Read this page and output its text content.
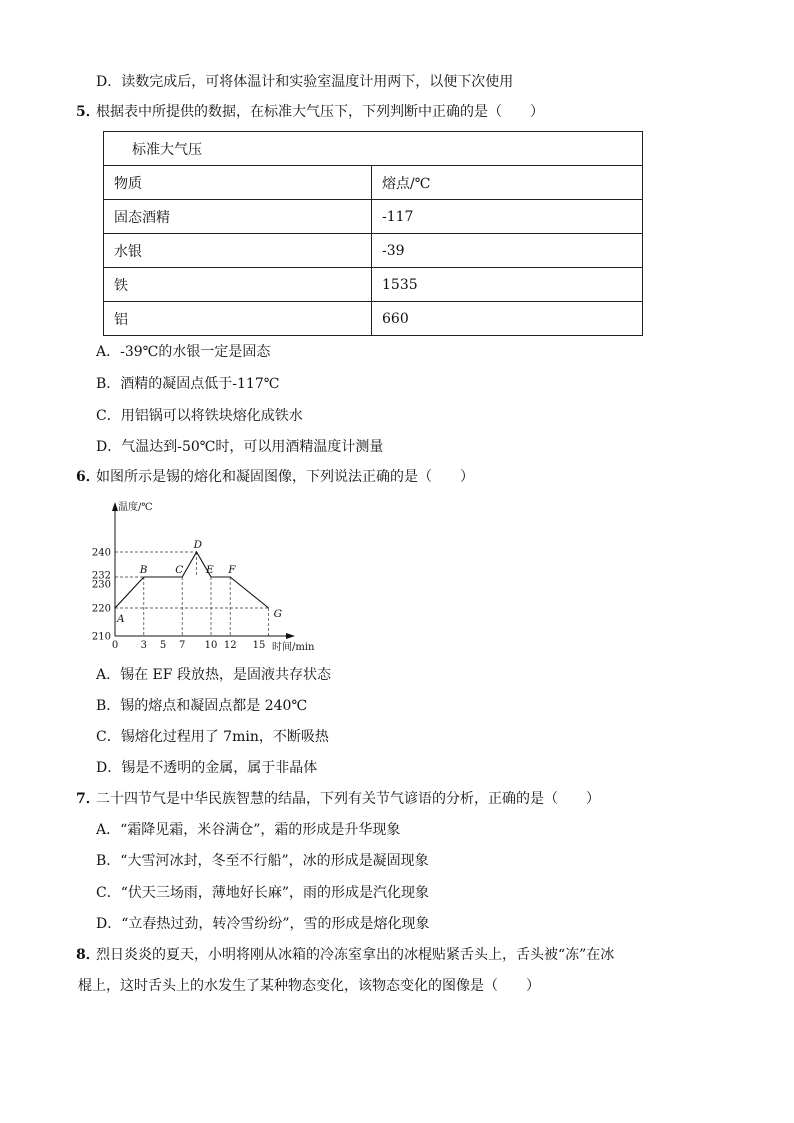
D．读数完成后，可将体温计和实验室温度计用两下，以便下次使用
5．
根据表中所提供的数据，在标准大气压下，下列判断中正确的是（　　）
标准大气压	
物质	熔点/℃
固态酒精	-117
水银	-39
铁	1535
铝	660
A．-39℃的水银一定是固态
B．酒精的凝固点低于-117℃
C．用铝锅可以将铁块熔化成铁水
D．气温达到-50℃时，可以用酒精温度计测量
6．
如图所示是锡的熔化和凝固图像，下列说法正确的是（　　）
温度/℃
时间/min
0 3 5 7 10 12 15
210
220
230
232
240
A
B	C
D
E F
G
A．锡在 EF 段放热，是固液共存状态
B．锡的熔点和凝固点都是 240℃
C．锡熔化过程用了 7min，不断吸热
D．锡是不透明的金属，属于非晶体
7．
二十四节气是中华民族智慧的结晶，下列有关节气谚语的分析，正确的是（　　）
A．“霜降见霜，米谷满仓”，霜的形成是升华现象
B．“大雪河冰封，冬至不行船”，冰的形成是凝固现象
C．“伏天三场雨，薄地好长麻”，雨的形成是汽化现象
D．“立春热过劲，转冷雪纷纷”，雪的形成是熔化现象
8．
烈日炎炎的夏天，小明将刚从冰箱的冷冻室拿出的冰棍贴紧舌头上，舌头被“冻”在冰
棍上，这时舌头上的水发生了某种物态变化，该物态变化的图像是（　　）
